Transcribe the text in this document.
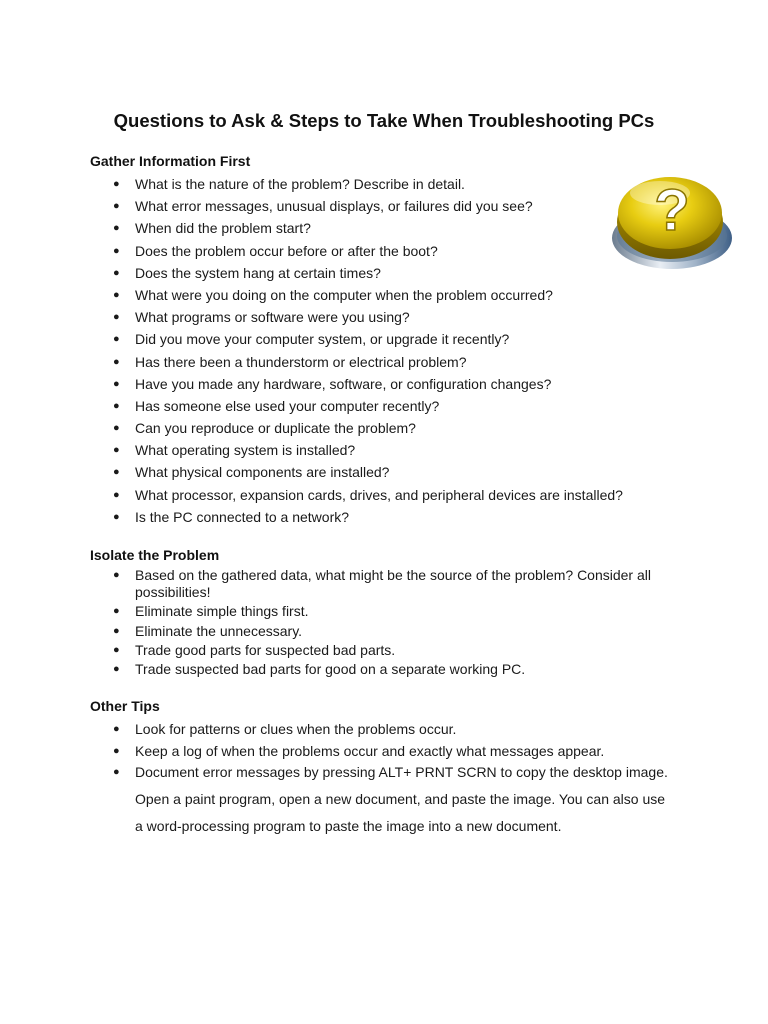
Questions to Ask & Steps to Take When Troubleshooting PCs
?
Gather Information First
● What is the nature of the problem? Describe in detail.
● What error messages, unusual displays, or failures did you see?
● When did the problem start?
● Does the problem occur before or after the boot?
● Does the system hang at certain times?
● What were you doing on the computer when the problem occurred?
● What programs or software were you using?
● Did you move your computer system, or upgrade it recently?
● Has there been a thunderstorm or electrical problem?
● Have you made any hardware, software, or configuration changes?
● Has someone else used your computer recently?
● Can you reproduce or duplicate the problem?
● What operating system is installed?
● What physical components are installed?
● What processor, expansion cards, drives, and peripheral devices are installed?
● Is the PC connected to a network?
Isolate the Problem
● Based on the gathered data, what might be the source of the problem? Consider all possibilities!
● Eliminate simple things first.
● Eliminate the unnecessary.
● Trade good parts for suspected bad parts.
● Trade suspected bad parts for good on a separate working PC.
Other Tips
● Look for patterns or clues when the problems occur.
● Keep a log of when the problems occur and exactly what messages appear.
● Document error messages by pressing ALT+ PRNT SCRN to copy the desktop image. Open a paint program, open a new document, and paste the image. You can also use a word-processing program to paste the image into a new document.
